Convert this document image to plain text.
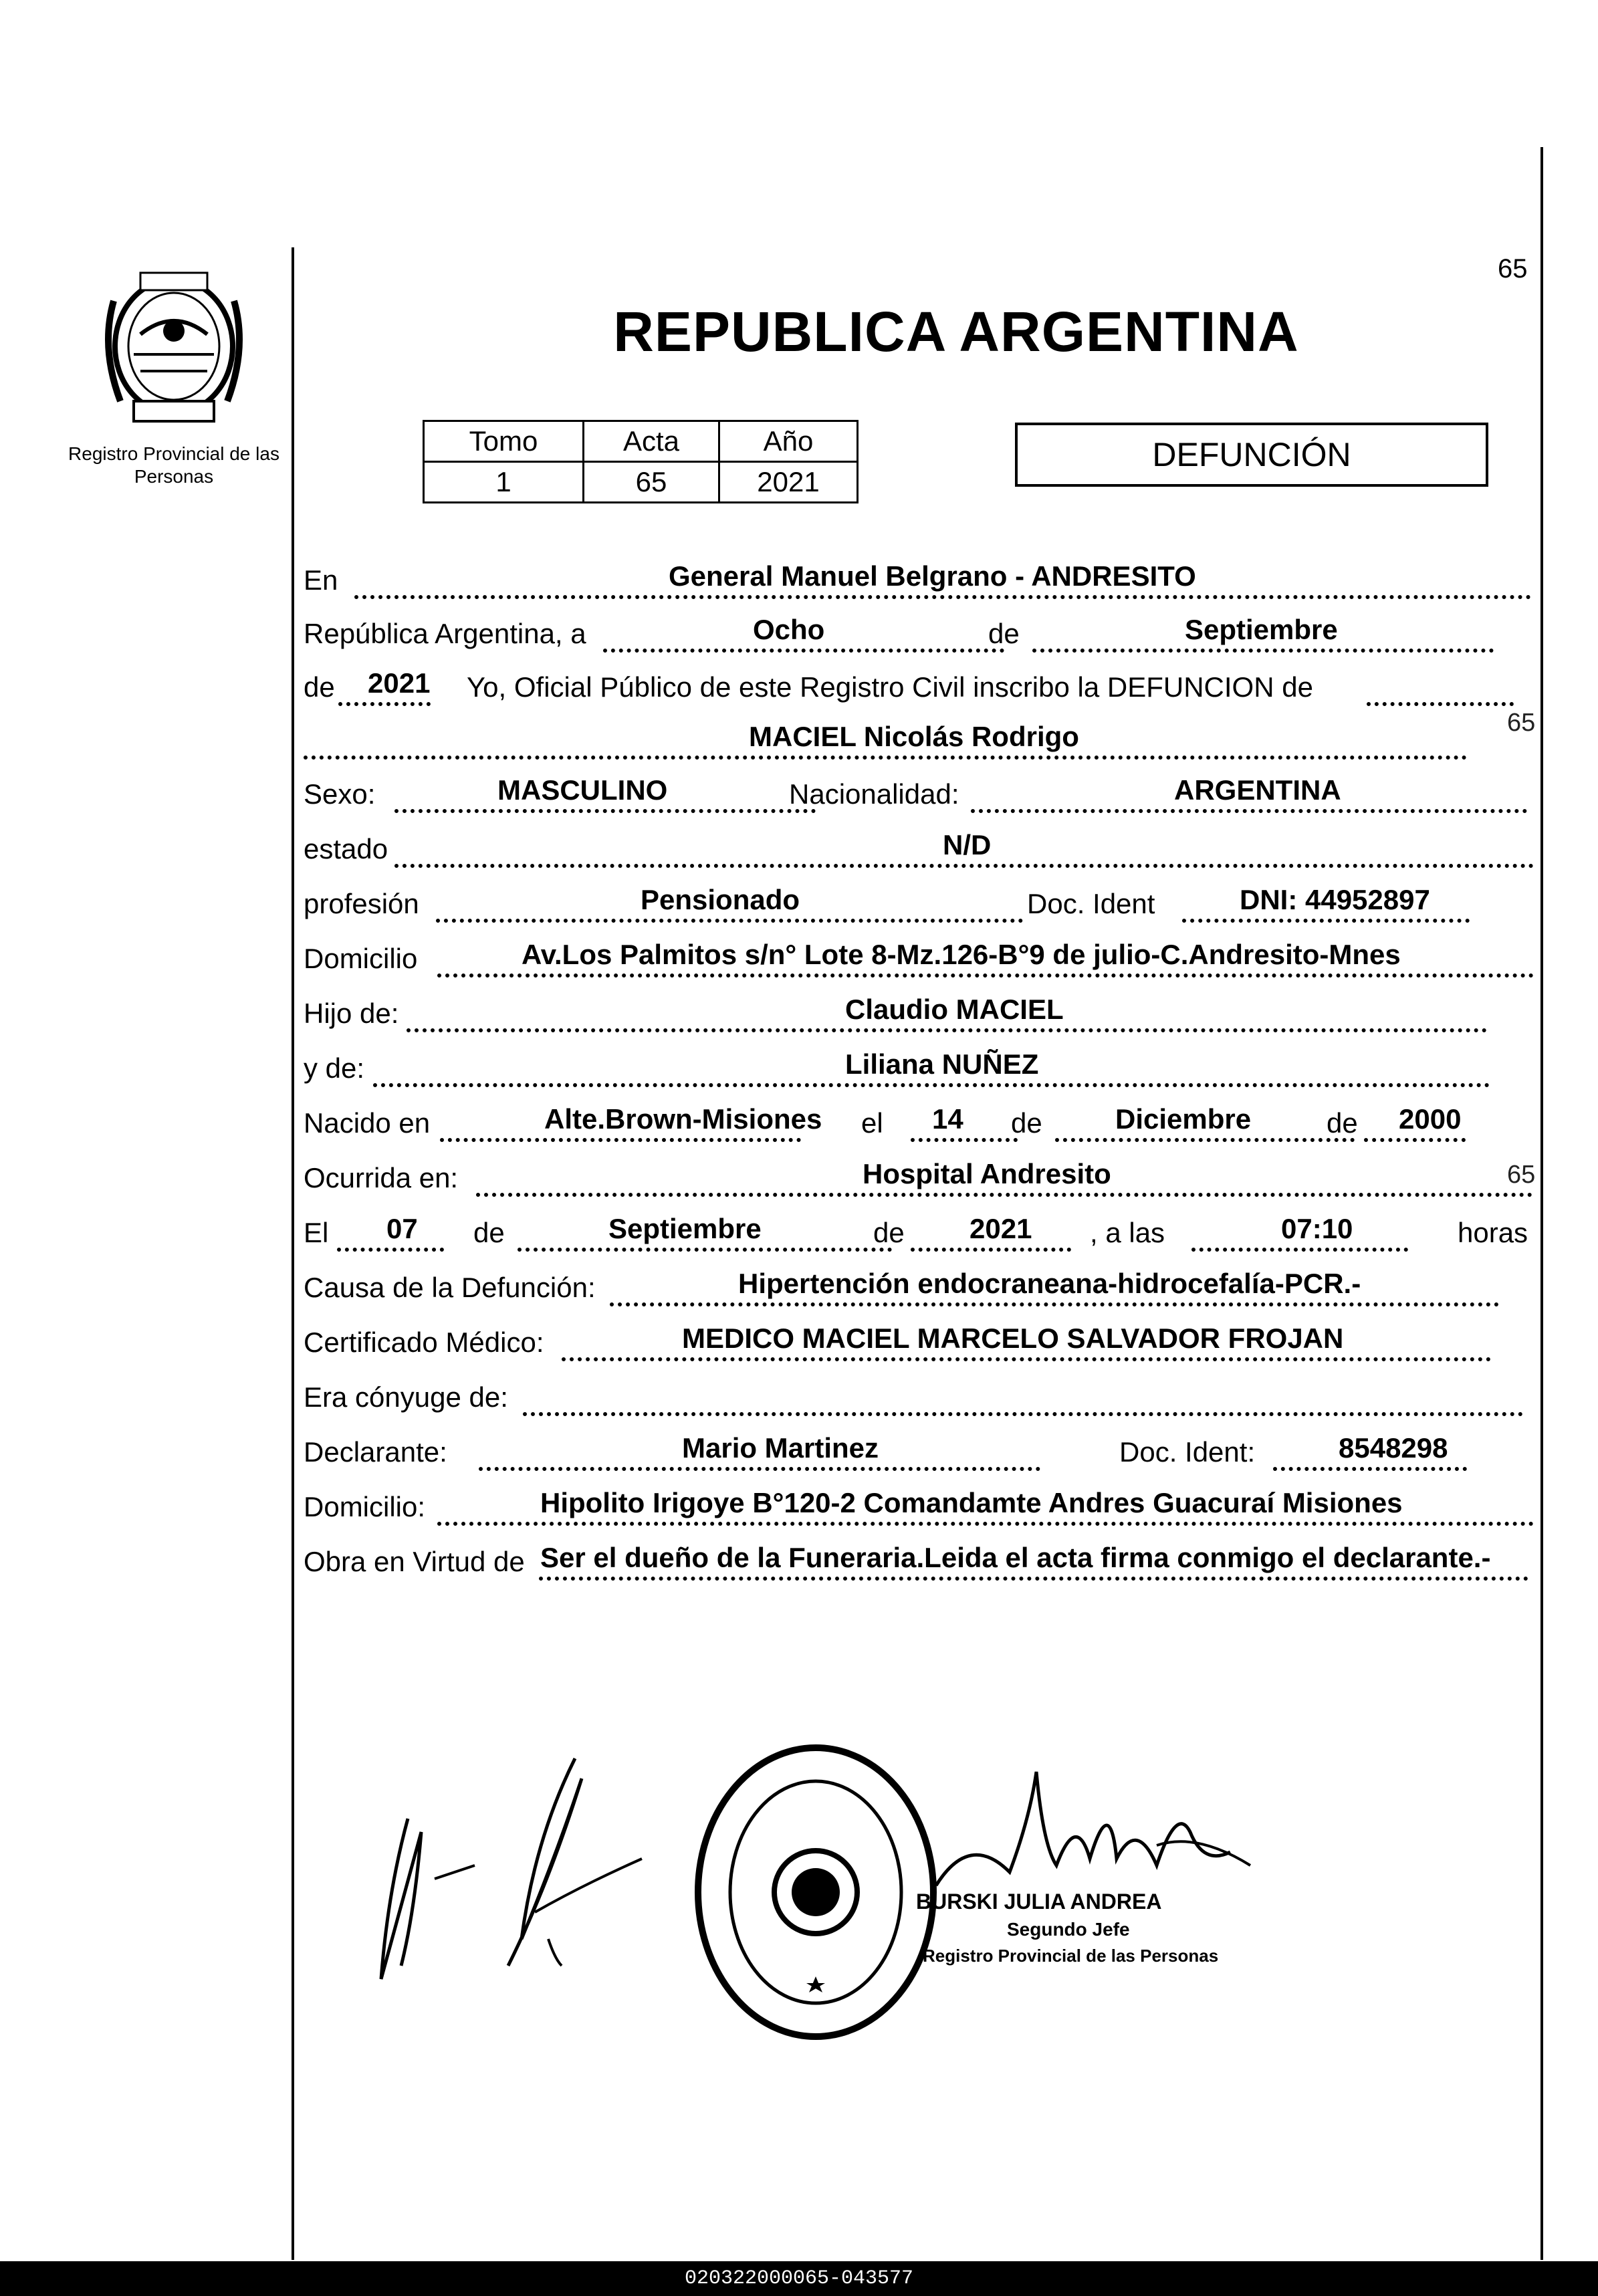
Registro Provincial de las Personas
REPUBLICA ARGENTINA
65
Tomo	Acta	Año
1	65	2021
DEFUNCIÓN
En	General Manuel Belgrano - ANDRESITO
República Argentina, a	Ocho	de	Septiembre
de 2021 Yo, Oficial Público de este Registro Civil inscribo la DEFUNCION de
MACIEL Nicolás Rodrigo
Sexo:	MASCULINO	Nacionalidad:	ARGENTINA
estado	N/D
profesión	Pensionado	Doc. Ident	DNI: 44952897
Domicilio	Av.Los Palmitos s/n° Lote 8-Mz.126-B°9 de julio-C.Andresito-Mnes
Hijo de:	Claudio MACIEL
y de:	Liliana NUÑEZ
Nacido en	Alte.Brown-Misiones el 14 de	Diciembre	de 2000
Ocurrida en:	Hospital Andresito
El 07 de	Septiembre	de 2021 , a las	07:10	horas
Causa de la Defunción:	Hipertención endocraneana-hidrocefalía-PCR.-
Certificado Médico:	MEDICO MACIEL MARCELO SALVADOR FROJAN
Era cónyuge de:
Declarante:	Mario Martinez	Doc. Ident:	8548298
Domicilio:	Hipolito Irigoye B°120-2 Comandamte Andres Guacuraí Misiones
Obra en Virtud de Ser el dueño de la Funeraria.Leida el acta firma conmigo el declarante.-
65
65
BURSKI JULIA ANDREA
Segundo Jefe
Registro Provincial de las Personas
020322000065-043577
